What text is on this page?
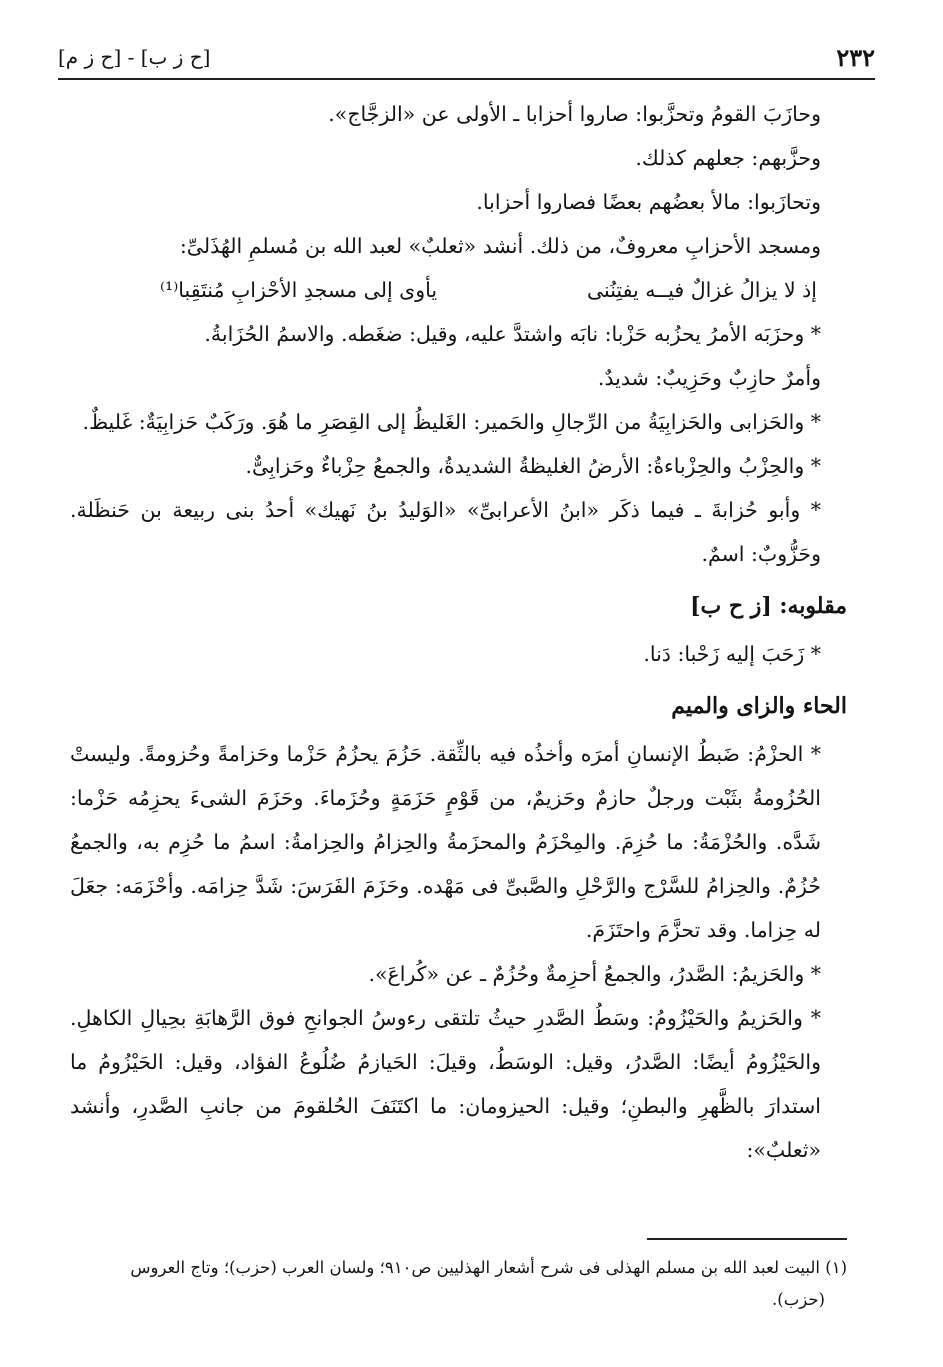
٢٣٢
[ح ز ب] - [ح ز م]

وحازَبَ القومُ وتحزَّبوا: صاروا أحزابا ـ الأولى عن «الزجَّاج».

وحزَّبهم: جعلهم كذلك.

وتحازَبوا: مالأ بعضُهم بعضًا فصاروا أحزابا.

ومسجد الأحزابِ معروفٌ، من ذلك. أنشد «ثعلبٌ» لعبد الله بن مُسلمِ الهُذَلىِّ:

إذ لا يزالُ غزالٌ فيــه يفتِنُنى
يأوى إلى مسجدِ الأحْزابِ مُنتَقِبا⁽¹⁾

* وحزَبَه الأمرُ يحزُبه حَزْبا: نابَه واشتدَّ عليه، وقيل: ضغَطه. والاسمُ الحُزَابةُ.

وأمرٌ حازِبٌ وحَزِيبٌ: شديدٌ.

* والحَزابى والحَزابِيَةُ من الرِّجالِ والحَمير: الغَليظُ إلى القِصَرِ ما هُوَ. ورَكَبٌ حَزابِيَةٌ: غَليظٌ.

* والحِزْبُ والحِزْباءةُ: الأرضُ الغليظةُ الشديدةُ، والجمعُ حِزْباءٌ وحَزابِىٌّ.

* وأبو حُزابةَ ـ فيما ذكَر «ابنُ الأعرابىِّ» «الوَليدُ بنُ نَهيك» أحدُ بنى ربيعة بن حَنظَلة. وحَزُّوبٌ: اسمٌ.

مقلوبه: [ز ح ب]

* زَحَبَ إليه زَحْبا: دَنا.

الحاء والزاى والميم

* الحزْمُ: ضَبطُ الإنسانِ أمرَه وأخذُه فيه بالثِّقة. حَزُمَ يحزُمُ حَزْما وحَزامةً وحُزومةً. وليستْ الحُزُومةُ بثَبْت ورجلٌ حازمٌ وحَزيمٌ، من قَوْمٍ حَزَمَةٍ وحُزَماءَ. وحَزَمَ الشىءَ يحزِمُه حَزْما: شَدَّه. والحُزْمَةُ: ما حُزِمَ. والمِحْزَمُ والمحزَمةُ والحِزامُ والحِزامةُ: اسمُ ما حُزِم به، والجمعُ حُزُمٌ. والحِزامُ للسَّرْج والرَّحْلِ والصَّبىِّ فى مَهْده. وحَزَمَ الفَرَسَ: شَدَّ حِزامَه. وأحْزَمَه: جعَلَ له حِزاما. وقد تحزَّمَ واحتَزَمَ.

* والحَزيمُ: الصَّدرُ، والجمعُ أحزِمةٌ وحُزُمٌ ـ عن «كُراعَ».

* والحَزيمُ والحَيْزُومُ: وسَطُ الصَّدرِ حيثُ تلتقى رءوسُ الجوانحِ فوق الرَّهابَةِ بحِيالِ الكاهلِ. والحَيْزُومُ أيضًا: الصَّدرُ، وقيل: الوسَطُ، وقيلَ: الحَيازمُ ضُلُوعُ الفؤاد، وقيل: الحَيْزُومُ ما استدارَ بالظَّهرِ والبطنِ؛ وقيل: الحيزومان: ما اكتَنَفَ الحُلقومَ من جانبِ الصَّدرِ، وأنشد «ثعلبٌ»:

(١) البيت لعبد الله بن مسلم الهذلى فى شرح أشعار الهذليين ص٩١٠؛ ولسان العرب (حزب)؛ وتاج العروس

(حزب).
